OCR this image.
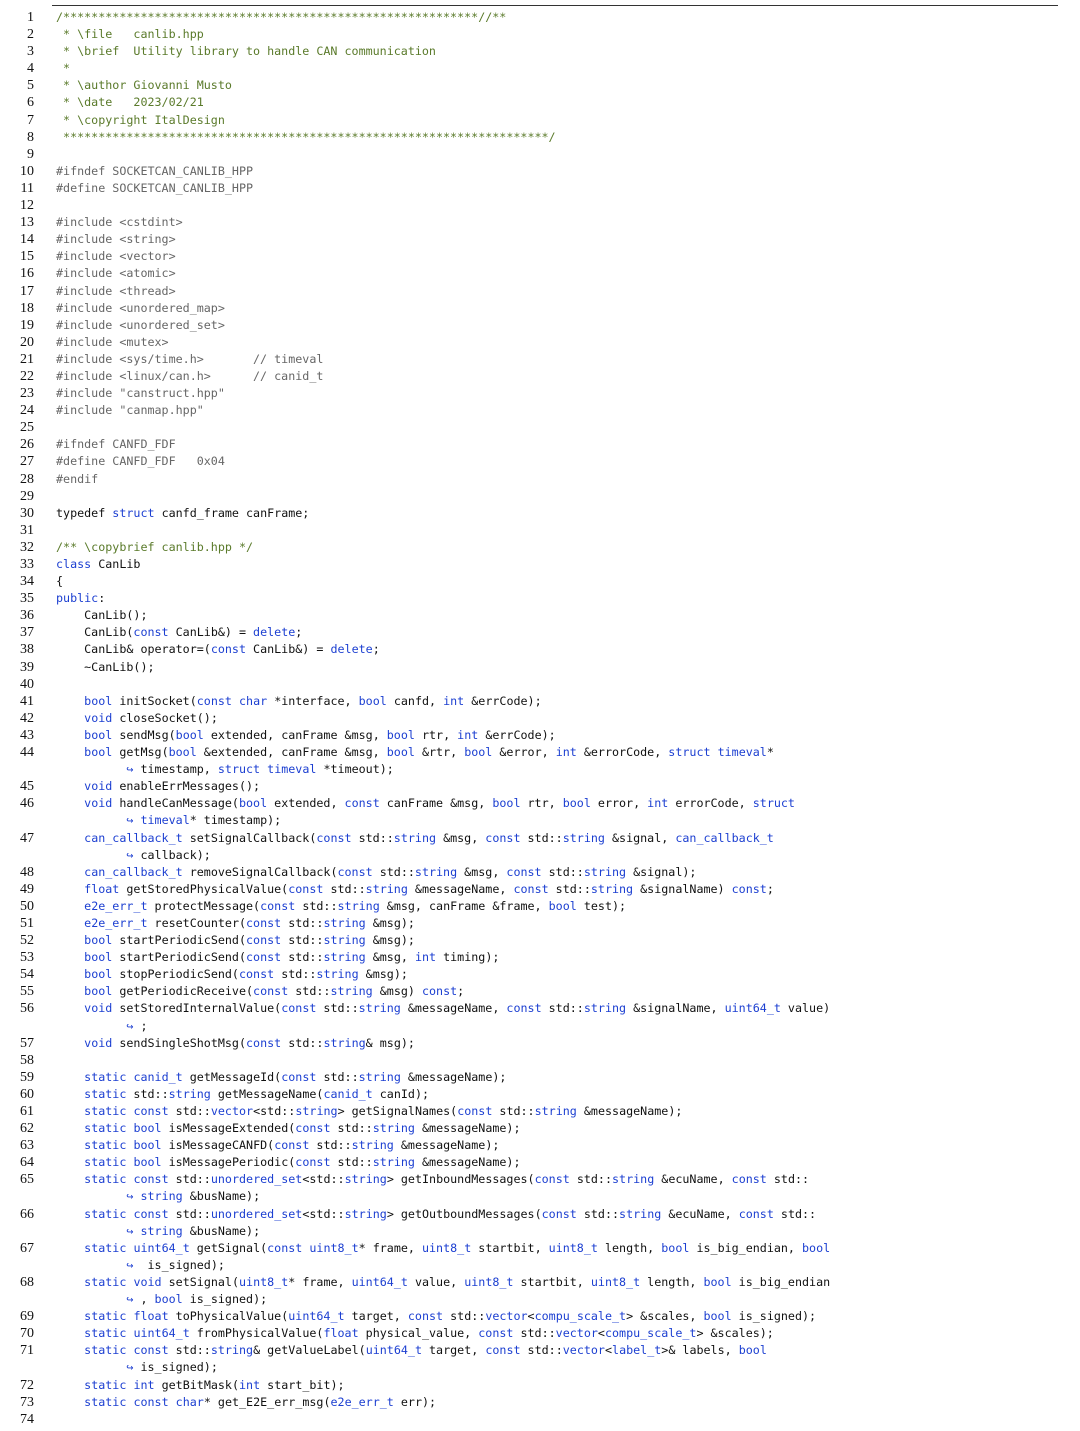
1	/***********************************************************//**
2	* \file   canlib.hpp
3	* \brief  Utility library to handle CAN communication
4	*
5	* \author Giovanni Musto
6	* \date   2023/02/21
7	* \copyright ItalDesign
8	*********************************************************************/
9
10	#ifndef SOCKETCAN_CANLIB_HPP
11	#define SOCKETCAN_CANLIB_HPP
12
13	#include <cstdint>
14	#include <string>
15	#include <vector>
16	#include <atomic>
17	#include <thread>
18	#include <unordered_map>
19	#include <unordered_set>
20	#include <mutex>
21	#include <sys/time.h>       // timeval
22	#include <linux/can.h>      // canid_t
23	#include "canstruct.hpp"
24	#include "canmap.hpp"
25
26	#ifndef CANFD_FDF
27	#define CANFD_FDF   0x04
28	#endif
29
30	typedef struct canfd_frame canFrame;
31
32	/** \copybrief canlib.hpp */
33	class CanLib
34	{
35	public:
36	CanLib();
37	CanLib(const CanLib&) = delete;
38	CanLib& operator=(const CanLib&) = delete;
39	~CanLib();
40
41	bool initSocket(const char *interface, bool canfd, int &errCode);
42	void closeSocket();
43	bool sendMsg(bool extended, canFrame &msg, bool rtr, int &errCode);
44	bool getMsg(bool &extended, canFrame &msg, bool &rtr, bool &error, int &errorCode, struct timeval*
↪ timestamp, struct timeval *timeout);
45	void enableErrMessages();
46	void handleCanMessage(bool extended, const canFrame &msg, bool rtr, bool error, int errorCode, struct
↪ timeval* timestamp);
47	can_callback_t setSignalCallback(const std::string &msg, const std::string &signal, can_callback_t
↪ callback);
48	can_callback_t removeSignalCallback(const std::string &msg, const std::string &signal);
49	float getStoredPhysicalValue(const std::string &messageName, const std::string &signalName) const;
50	e2e_err_t protectMessage(const std::string &msg, canFrame &frame, bool test);
51	e2e_err_t resetCounter(const std::string &msg);
52	bool startPeriodicSend(const std::string &msg);
53	bool startPeriodicSend(const std::string &msg, int timing);
54	bool stopPeriodicSend(const std::string &msg);
55	bool getPeriodicReceive(const std::string &msg) const;
56	void setStoredInternalValue(const std::string &messageName, const std::string &signalName, uint64_t value)
↪ ;
57	void sendSingleShotMsg(const std::string& msg);
58
59	static canid_t getMessageId(const std::string &messageName);
60	static std::string getMessageName(canid_t canId);
61	static const std::vector<std::string> getSignalNames(const std::string &messageName);
62	static bool isMessageExtended(const std::string &messageName);
63	static bool isMessageCANFD(const std::string &messageName);
64	static bool isMessagePeriodic(const std::string &messageName);
65	static const std::unordered_set<std::string> getInboundMessages(const std::string &ecuName, const std::
↪ string &busName);
66	static const std::unordered_set<std::string> getOutboundMessages(const std::string &ecuName, const std::
↪ string &busName);
67	static uint64_t getSignal(const uint8_t* frame, uint8_t startbit, uint8_t length, bool is_big_endian, bool
↪  is_signed);
68	static void setSignal(uint8_t* frame, uint64_t value, uint8_t startbit, uint8_t length, bool is_big_endian
↪ , bool is_signed);
69	static float toPhysicalValue(uint64_t target, const std::vector<compu_scale_t> &scales, bool is_signed);
70	static uint64_t fromPhysicalValue(float physical_value, const std::vector<compu_scale_t> &scales);
71	static const std::string& getValueLabel(uint64_t target, const std::vector<label_t>& labels, bool
↪ is_signed);
72	static int getBitMask(int start_bit);
73	static const char* get_E2E_err_msg(e2e_err_t err);
74
